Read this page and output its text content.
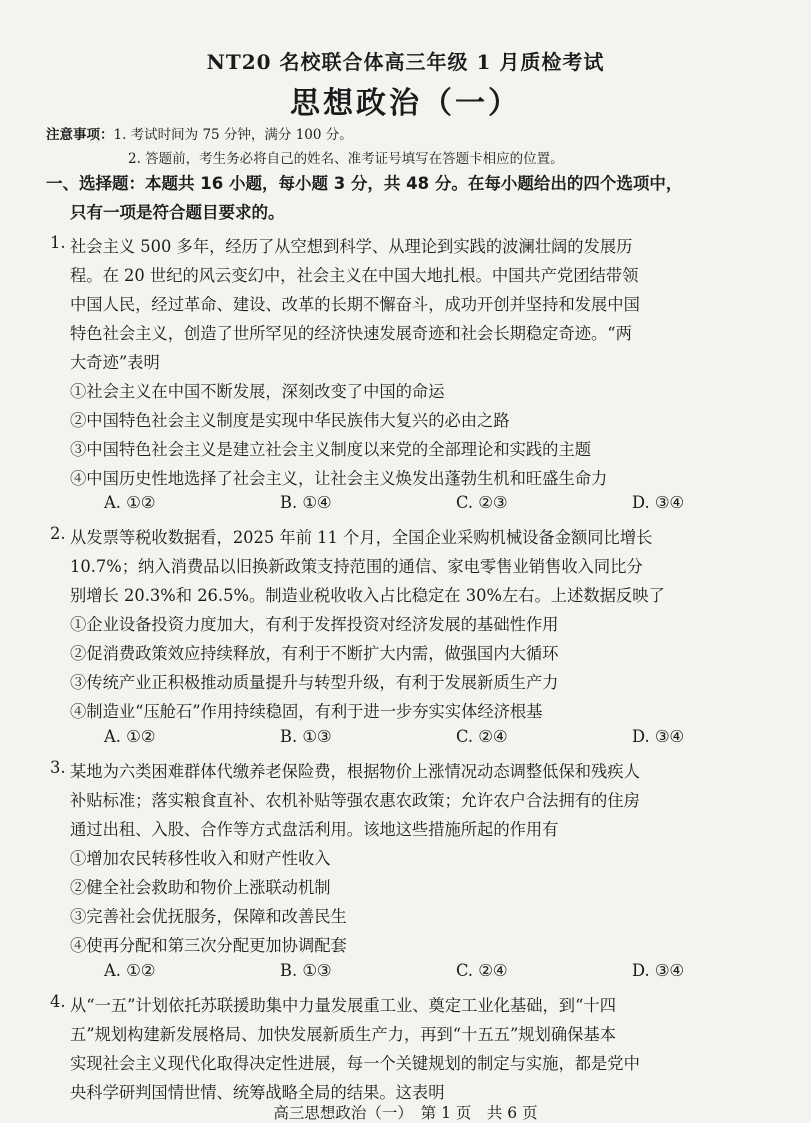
NT20 名校联合体高三年级 1 月质检考试
思想政治（一）
注意事项：1. 考试时间为 75 分钟，满分 100 分。
2. 答题前，考生务必将自己的姓名、准考证号填写在答题卡相应的位置。
一、选择题：本题共 16 小题，每小题 3 分，共 48 分。在每小题给出的四个选项中，
只有一项是符合题目要求的。
1. 社会主义 500 多年，经历了从空想到科学、从理论到实践的波澜壮阔的发展历
程。在 20 世纪的风云变幻中，社会主义在中国大地扎根。中国共产党团结带领
中国人民，经过革命、建设、改革的长期不懈奋斗，成功开创并坚持和发展中国
特色社会主义，创造了世所罕见的经济快速发展奇迹和社会长期稳定奇迹。“两
大奇迹”表明
①社会主义在中国不断发展，深刻改变了中国的命运
②中国特色社会主义制度是实现中华民族伟大复兴的必由之路
③中国特色社会主义是建立社会主义制度以来党的全部理论和实践的主题
④中国历史性地选择了社会主义，让社会主义焕发出蓬勃生机和旺盛生命力
A. ①②	B. ①④	C. ②③	D. ③④
2. 从发票等税收数据看，2025 年前 11 个月，全国企业采购机械设备金额同比增长
10.7%；纳入消费品以旧换新政策支持范围的通信、家电零售业销售收入同比分
别增长 20.3%和 26.5%。制造业税收收入占比稳定在 30%左右。上述数据反映了
①企业设备投资力度加大，有利于发挥投资对经济发展的基础性作用
②促消费政策效应持续释放，有利于不断扩大内需，做强国内大循环
③传统产业正积极推动质量提升与转型升级，有利于发展新质生产力
④制造业“压舱石”作用持续稳固，有利于进一步夯实实体经济根基
A. ①②	B. ①③	C. ②④	D. ③④
3. 某地为六类困难群体代缴养老保险费，根据物价上涨情况动态调整低保和残疾人
补贴标准；落实粮食直补、农机补贴等强农惠农政策；允许农户合法拥有的住房
通过出租、入股、合作等方式盘活利用。该地这些措施所起的作用有
①增加农民转移性收入和财产性收入
②健全社会救助和物价上涨联动机制
③完善社会优抚服务，保障和改善民生
④使再分配和第三次分配更加协调配套
A. ①②	B. ①③	C. ②④	D. ③④
4. 从“一五”计划依托苏联援助集中力量发展重工业、奠定工业化基础，到“十四
五”规划构建新发展格局、加快发展新质生产力，再到“十五五”规划确保基本
实现社会主义现代化取得决定性进展，每一个关键规划的制定与实施，都是党中
央科学研判国情世情、统筹战略全局的结果。这表明
高三思想政治（一）　第 1 页　共 6 页
